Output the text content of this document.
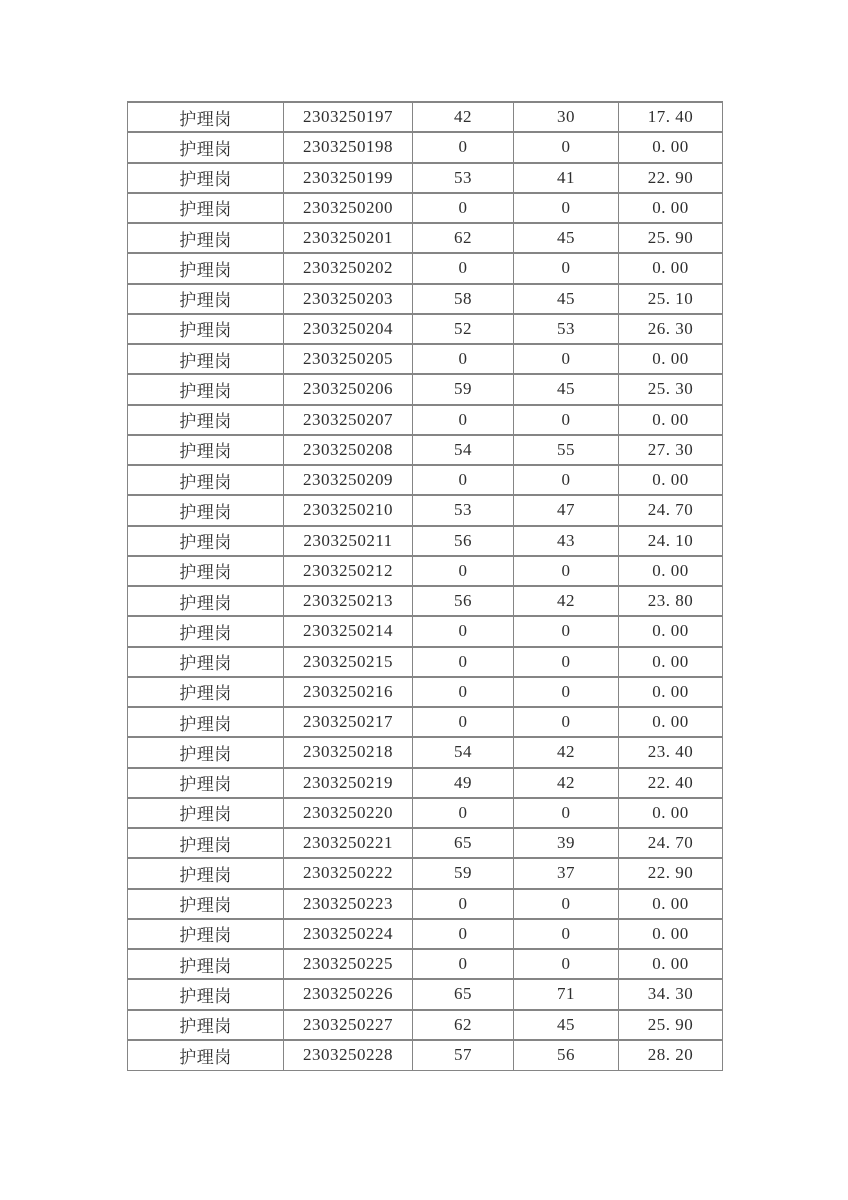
护理岗	2303250197	42	30	17. 40
护理岗	2303250198	0	0	0. 00
护理岗	2303250199	53	41	22. 90
护理岗	2303250200	0	0	0. 00
护理岗	2303250201	62	45	25. 90
护理岗	2303250202	0	0	0. 00
护理岗	2303250203	58	45	25. 10
护理岗	2303250204	52	53	26. 30
护理岗	2303250205	0	0	0. 00
护理岗	2303250206	59	45	25. 30
护理岗	2303250207	0	0	0. 00
护理岗	2303250208	54	55	27. 30
护理岗	2303250209	0	0	0. 00
护理岗	2303250210	53	47	24. 70
护理岗	2303250211	56	43	24. 10
护理岗	2303250212	0	0	0. 00
护理岗	2303250213	56	42	23. 80
护理岗	2303250214	0	0	0. 00
护理岗	2303250215	0	0	0. 00
护理岗	2303250216	0	0	0. 00
护理岗	2303250217	0	0	0. 00
护理岗	2303250218	54	42	23. 40
护理岗	2303250219	49	42	22. 40
护理岗	2303250220	0	0	0. 00
护理岗	2303250221	65	39	24. 70
护理岗	2303250222	59	37	22. 90
护理岗	2303250223	0	0	0. 00
护理岗	2303250224	0	0	0. 00
护理岗	2303250225	0	0	0. 00
护理岗	2303250226	65	71	34. 30
护理岗	2303250227	62	45	25. 90
护理岗	2303250228	57	56	28. 20
